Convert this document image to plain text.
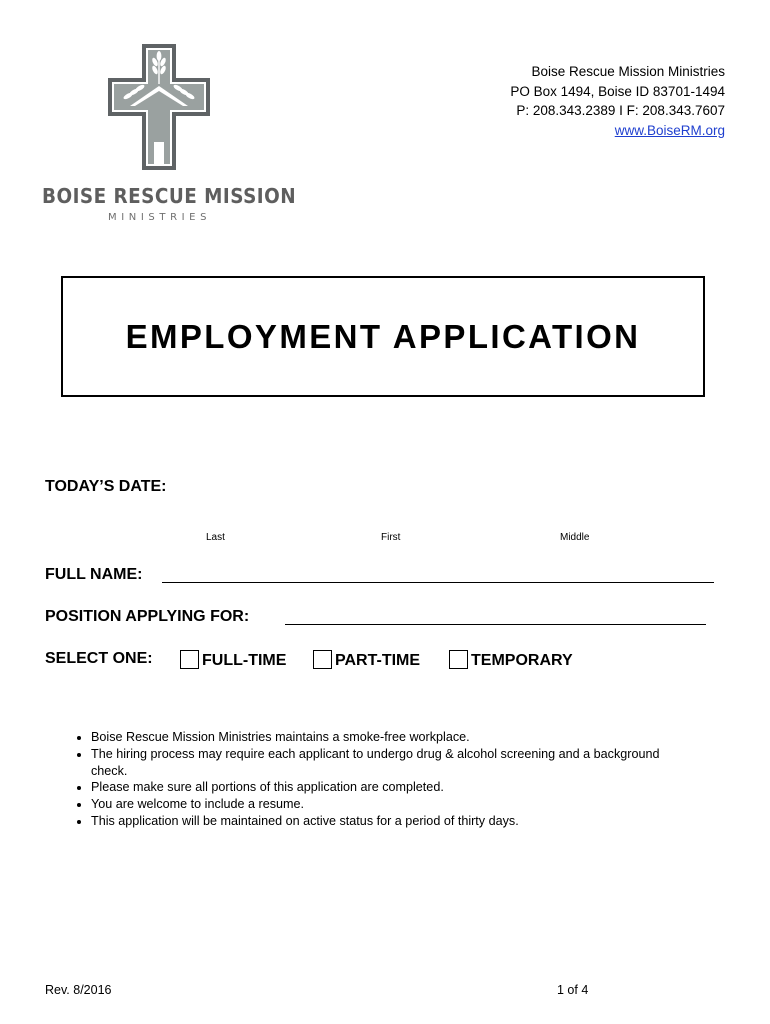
BOISE RESCUE MISSION
MINISTRIES
Boise Rescue Mission Ministries
PO Box 1494, Boise ID 83701-1494
P: 208.343.2389 I F: 208.343.7607
www.BoiseRM.org
EMPLOYMENT APPLICATION
TODAY’S DATE:
Last	First	Middle
FULL NAME:
POSITION APPLYING FOR:
SELECT ONE:	FULL-TIME	PART-TIME	TEMPORARY
• Boise Rescue Mission Ministries maintains a smoke-free workplace.
• The hiring process may require each applicant to undergo drug & alcohol screening and a background check.
• Please make sure all portions of this application are completed.
• You are welcome to include a resume.
• This application will be maintained on active status for a period of thirty days.
Rev. 8/2016	1 of 4
